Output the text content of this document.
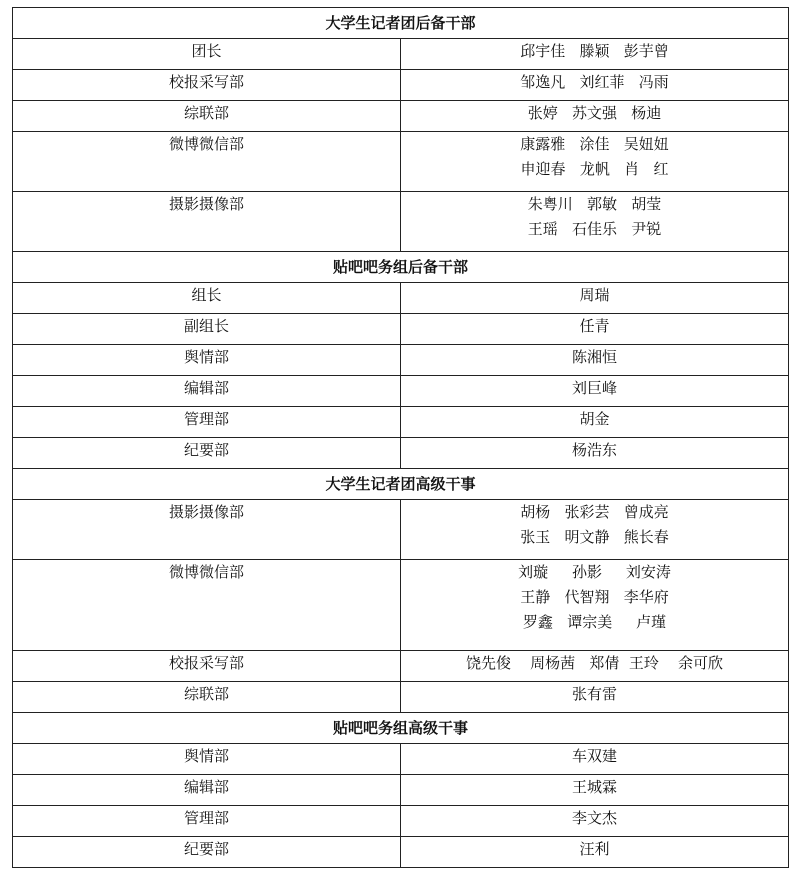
大学生记者团后备干部	
团长	邱宇佳   滕颖   彭芋曾

校报采写部	邹逸凡   刘红菲   冯雨

综联部	张婷   苏文强   杨迪

微博微信部	康露雅   涂佳   吴妞妞
申迎春   龙帆   肖   红

摄影摄像部	朱粤川   郭敏   胡莹
王瑶   石佳乐   尹锐

贴吧吧务组后备干部	
组长	周瑞

副组长	任青

舆情部	陈湘恒

编辑部	刘巨峰

管理部	胡金

纪要部	杨浩东

大学生记者团高级干事	
摄影摄像部	胡杨   张彩芸   曾成亮
张玉   明文静   熊长春

微博微信部	刘璇     孙影     刘安涛
王静   代智翔   李华府
罗鑫   谭宗美     卢瑾

校报采写部	饶先俊    周杨茜   郑倩  王玲    余可欣

综联部	张有雷

贴吧吧务组高级干事	
舆情部	车双建

编辑部	王城霖

管理部	李文杰

纪要部	汪利
